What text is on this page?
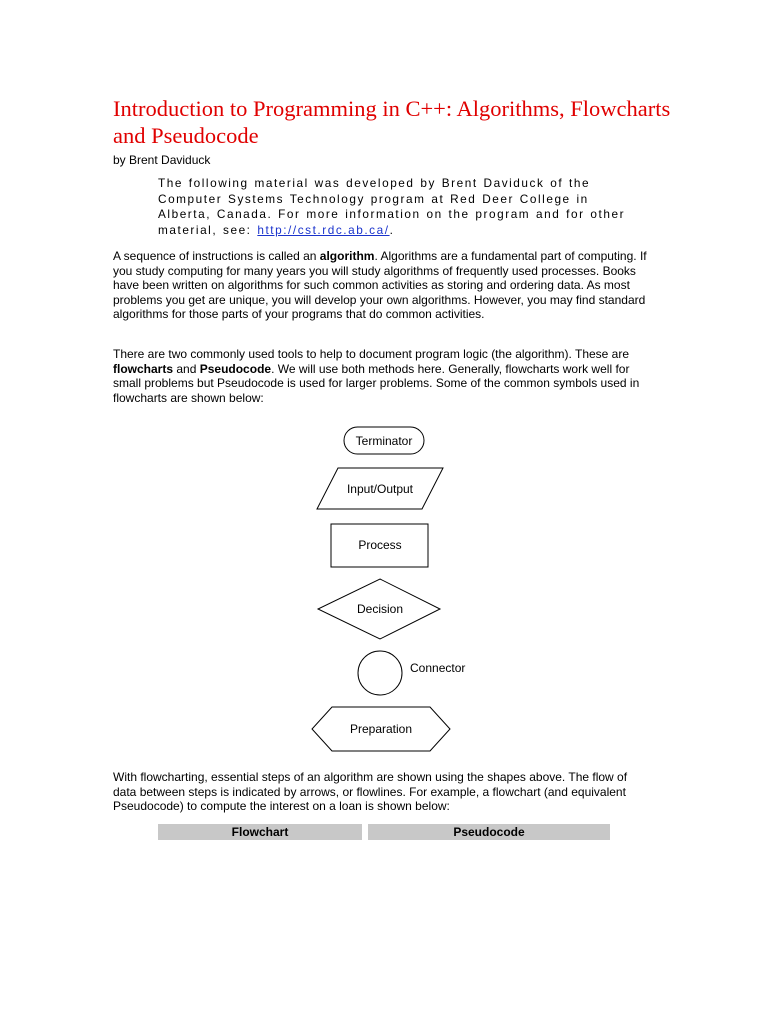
Introduction to Programming in C++: Algorithms, Flowcharts and Pseudocode
by Brent Daviduck
The following material was developed by Brent Daviduck of the Computer Systems Technology program at Red Deer College in Alberta, Canada. For more information on the program and for other material, see: http://cst.rdc.ab.ca/.

A sequence of instructions is called an algorithm. Algorithms are a fundamental part of computing. If you study computing for many years you will study algorithms of frequently used processes. Books have been written on algorithms for such common activities as storing and ordering data. As most problems you get are unique, you will develop your own algorithms. However, you may find standard algorithms for those parts of your programs that do common activities.

There are two commonly used tools to help to document program logic (the algorithm). These are flowcharts and Pseudocode. We will use both methods here. Generally, flowcharts work well for small problems but Pseudocode is used for larger problems. Some of the common symbols used in flowcharts are shown below:

Terminator
Input/Output
Process
Decision
Connector
Preparation

With flowcharting, essential steps of an algorithm are shown using the shapes above. The flow of data between steps is indicated by arrows, or flowlines. For example, a flowchart (and equivalent Pseudocode) to compute the interest on a loan is shown below:

Flowchart	Pseudocode
